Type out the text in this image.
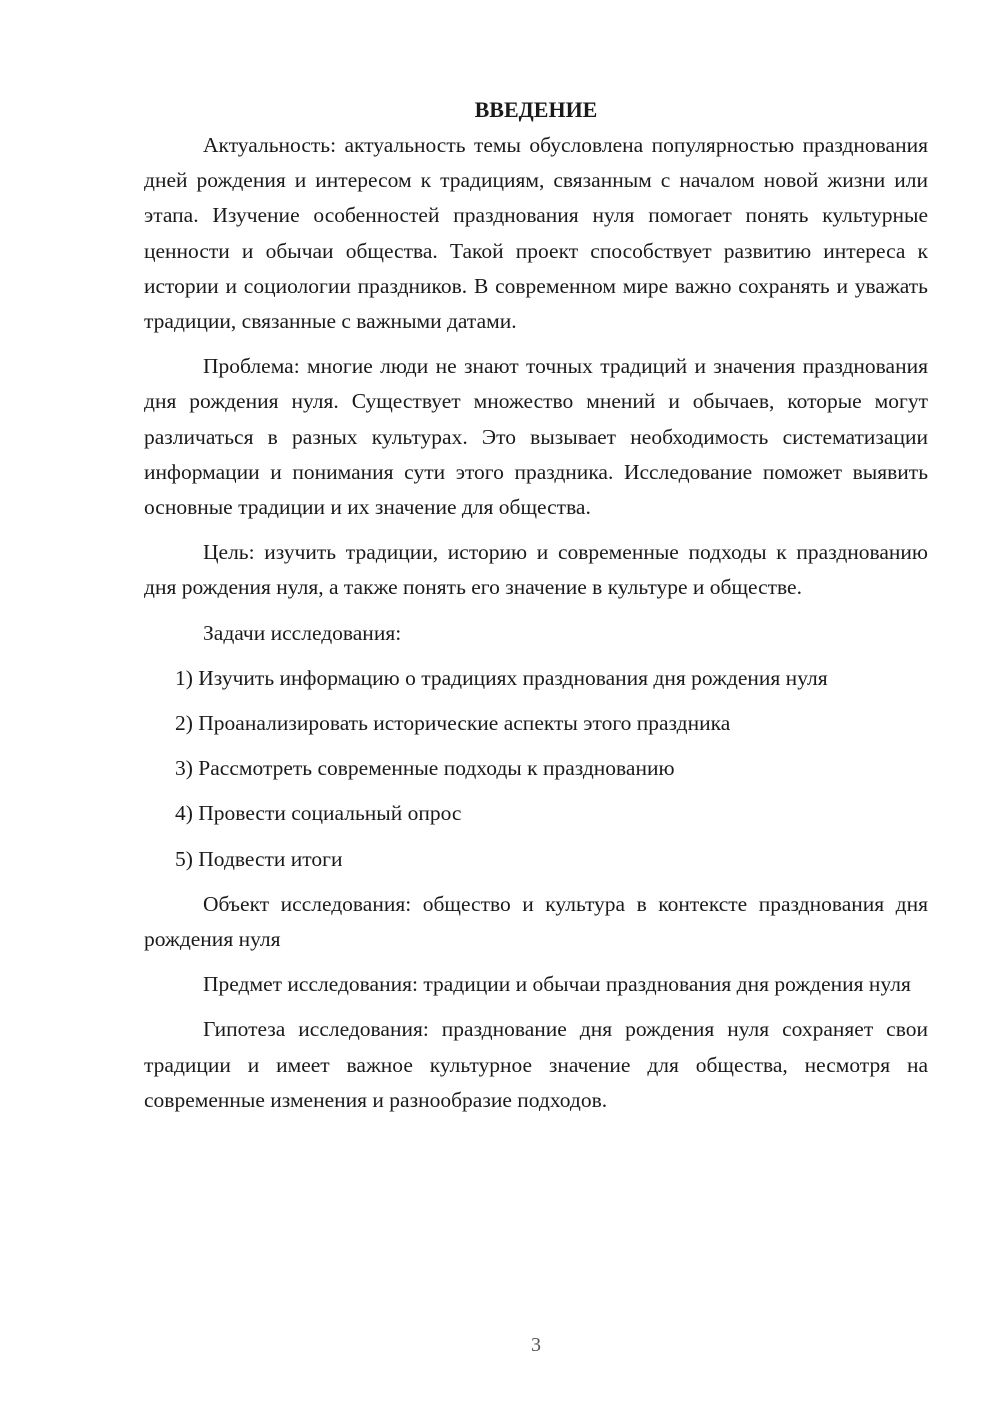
ВВЕДЕНИЕ

Актуальность: актуальность темы обусловлена популярностью празднования дней рождения и интересом к традициям, связанным с началом новой жизни или этапа. Изучение особенностей празднования нуля помогает понять культурные ценности и обычаи общества. Такой проект способствует развитию интереса к истории и социологии праздников. В современном мире важно сохранять и уважать традиции, связанные с важными датами.

Проблема: многие люди не знают точных традиций и значения празднования дня рождения нуля. Существует множество мнений и обычаев, которые могут различаться в разных культурах. Это вызывает необходимость систематизации информации и понимания сути этого праздника. Исследование поможет выявить основные традиции и их значение для общества.

Цель: изучить традиции, историю и современные подходы к празднованию дня рождения нуля, а также понять его значение в культуре и обществе.

Задачи исследования:

1) Изучить информацию о традициях празднования дня рождения нуля

2) Проанализировать исторические аспекты этого праздника

3) Рассмотреть современные подходы к празднованию

4) Провести социальный опрос

5) Подвести итоги

Объект исследования: общество и культура в контексте празднования дня рождения нуля

Предмет исследования: традиции и обычаи празднования дня рождения нуля

Гипотеза исследования: празднование дня рождения нуля сохраняет свои традиции и имеет важное культурное значение для общества, несмотря на современные изменения и разнообразие подходов.

3
